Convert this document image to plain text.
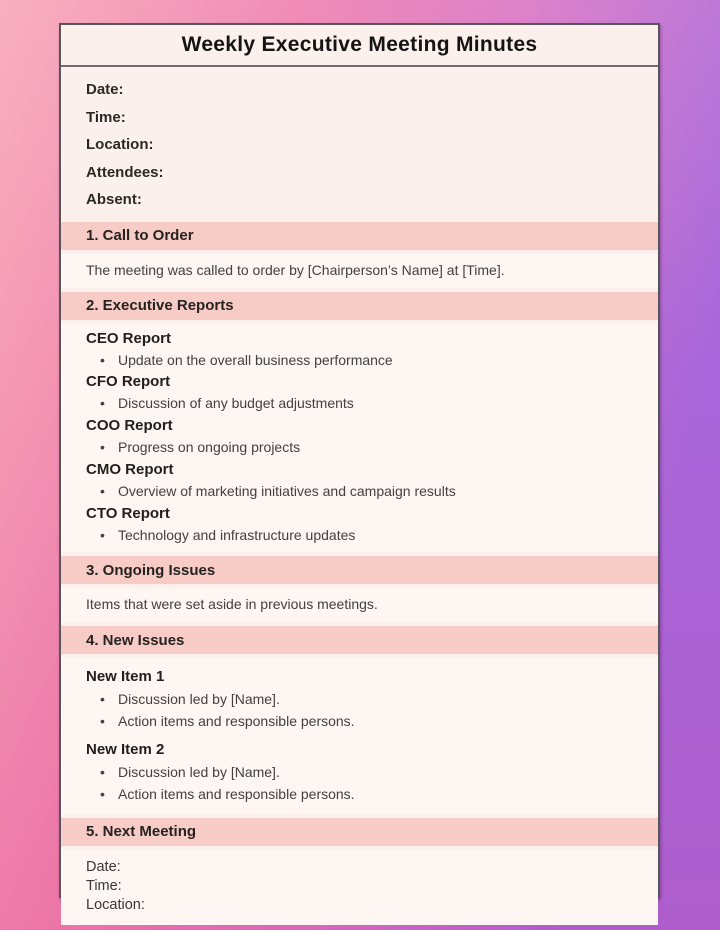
Weekly Executive Meeting Minutes
Date:
Time:
Location:
Attendees:
Absent:
1. Call to Order
The meeting was called to order by [Chairperson’s Name] at [Time].
2. Executive Reports
CEO Report
• Update on the overall business performance
CFO Report
• Discussion of any budget adjustments
COO Report
• Progress on ongoing projects
CMO Report
• Overview of marketing initiatives and campaign results
CTO Report
• Technology and infrastructure updates
3. Ongoing Issues
Items that were set aside in previous meetings.
4. New Issues
New Item 1
• Discussion led by [Name].
• Action items and responsible persons.
New Item 2
• Discussion led by [Name].
• Action items and responsible persons.
5. Next Meeting
Date:
Time:
Location:
